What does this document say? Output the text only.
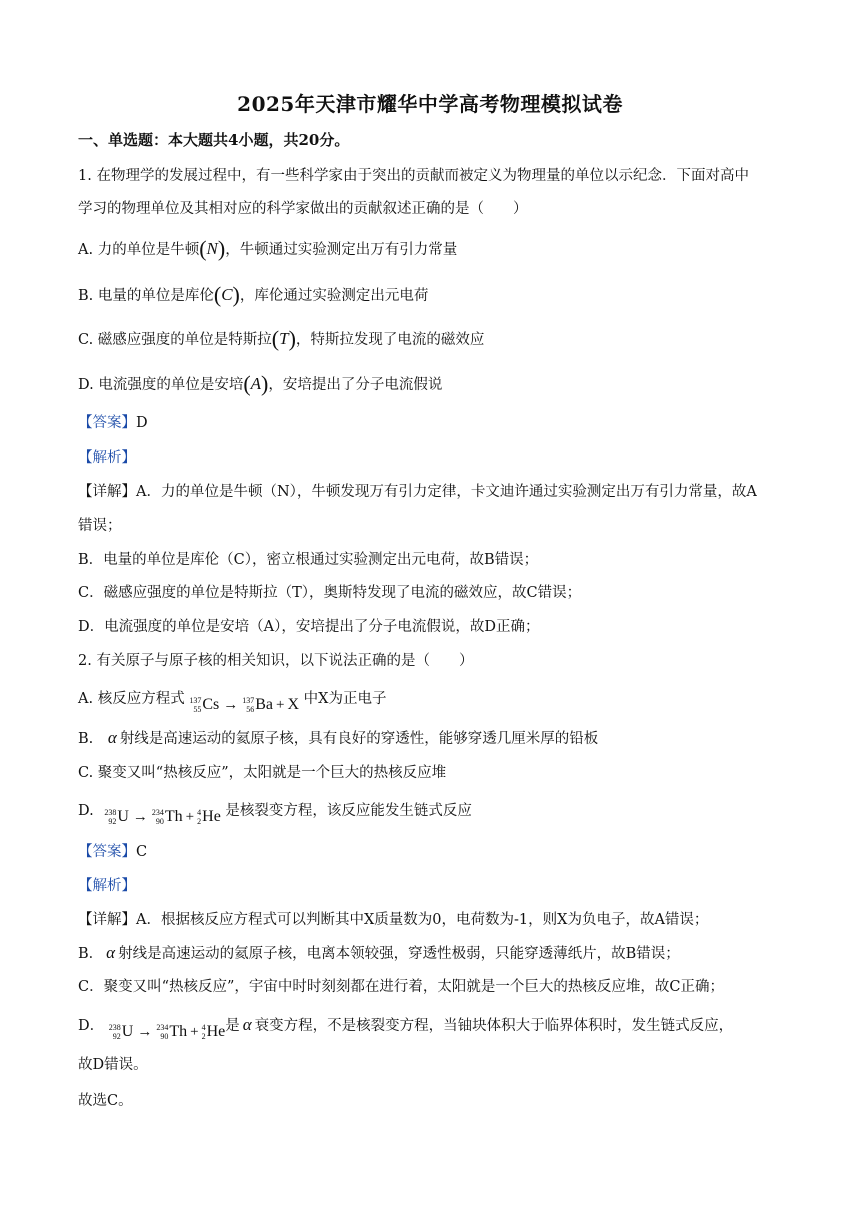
2025年天津市耀华中学高考物理模拟试卷
一、单选题：本大题共4小题，共20分。
1. 在物理学的发展过程中，有一些科学家由于突出的贡献而被定义为物理量的单位以示纪念．下面对高中
学习的物理单位及其相对应的科学家做出的贡献叙述正确的是（　　）
A. 力的单位是牛顿(N)，牛顿通过实验测定出万有引力常量
B. 电量的单位是库伦(C)，库伦通过实验测定出元电荷
C. 磁感应强度的单位是特斯拉(T)，特斯拉发现了电流的磁效应
D. 电流强度的单位是安培(A)，安培提出了分子电流假说
【答案】D
【解析】
【详解】A．力的单位是牛顿（N），牛顿发现万有引力定律，卡文迪许通过实验测定出万有引力常量，故A
错误；
B．电量的单位是库伦（C），密立根通过实验测定出元电荷，故B错误；
C．磁感应强度的单位是特斯拉（T），奥斯特发现了电流的磁效应，故C错误；
D．电流强度的单位是安培（A），安培提出了分子电流假说，故D正确；
2. 有关原子与原子核的相关知识，以下说法正确的是（　　）
A. 核反应方程式 137
55 Cs → 137
56 Ba + X 中X为正电子
B. α 射线是高速运动的氦原子核，具有良好的穿透性，能够穿透几厘米厚的铅板
C. 聚变又叫“热核反应”，太阳就是一个巨大的热核反应堆
D. 238
92 U → 234
90 Th + 4
2 He 是核裂变方程，该反应能发生链式反应
【答案】C
【解析】
【详解】A．根据核反应方程式可以判断其中X质量数为0，电荷数为-1，则X为负电子，故A错误；
B． α 射线是高速运动的氦原子核，电离本领较强，穿透性极弱，只能穿透薄纸片，故B错误；
C．聚变又叫“热核反应”，宇宙中时时刻刻都在进行着，太阳就是一个巨大的热核反应堆，故C正确；
D． 238
92 U → 234
90 Th + 4
2 He 是 α 衰变方程，不是核裂变方程，当铀块体积大于临界体积时，发生链式反应，
故D错误。
故选C。
